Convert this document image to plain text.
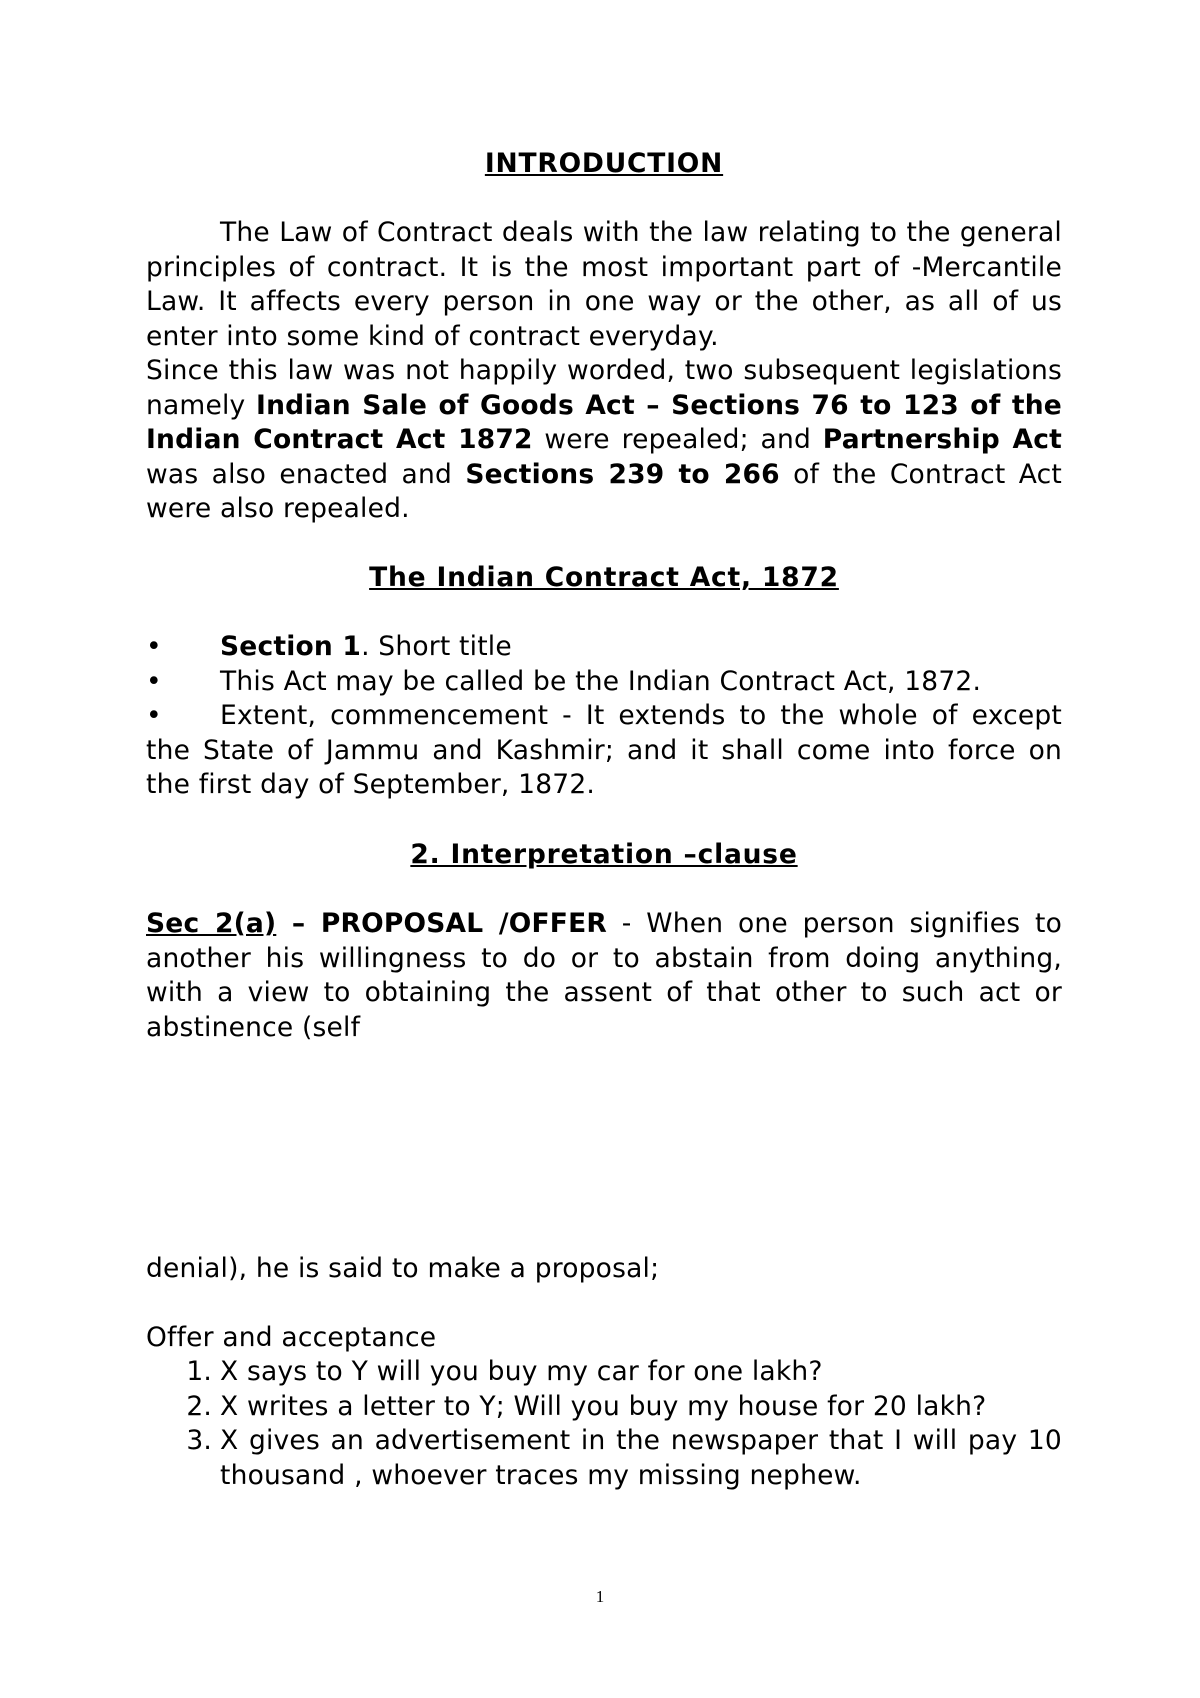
INTRODUCTION
The Law of Contract deals with the law relating to the general principles of contract. It is the most important part of -Mercantile Law. It affects every person in one way or the other, as all of us enter into some kind of contract everyday.
Since this law was not happily worded, two subsequent legislations namely Indian Sale of Goods Act – Sections 76 to 123 of the Indian Contract Act 1872 were repealed; and Partnership Act was also enacted and Sections 239 to 266 of the Contract Act were also repealed.
The Indian Contract Act, 1872
• Section 1. Short title
• This Act may be called be the Indian Contract Act, 1872.
• Extent, commencement - It extends to the whole of except the State of Jammu and Kashmir; and it shall come into force on the first day of September, 1872.
2. Interpretation –clause
Sec 2(a) – PROPOSAL /OFFER - When one person signifies to another his willingness to do or to abstain from doing anything, with a view to obtaining the assent of that other to such act or abstinence (self
denial), he is said to make a proposal;
Offer and acceptance
1. X says to Y will you buy my car for one lakh?
2. X writes a letter to Y; Will you buy my house for 20 lakh?
3. X gives an advertisement in the newspaper that I will pay 10 thousand , whoever traces my missing nephew.
1
